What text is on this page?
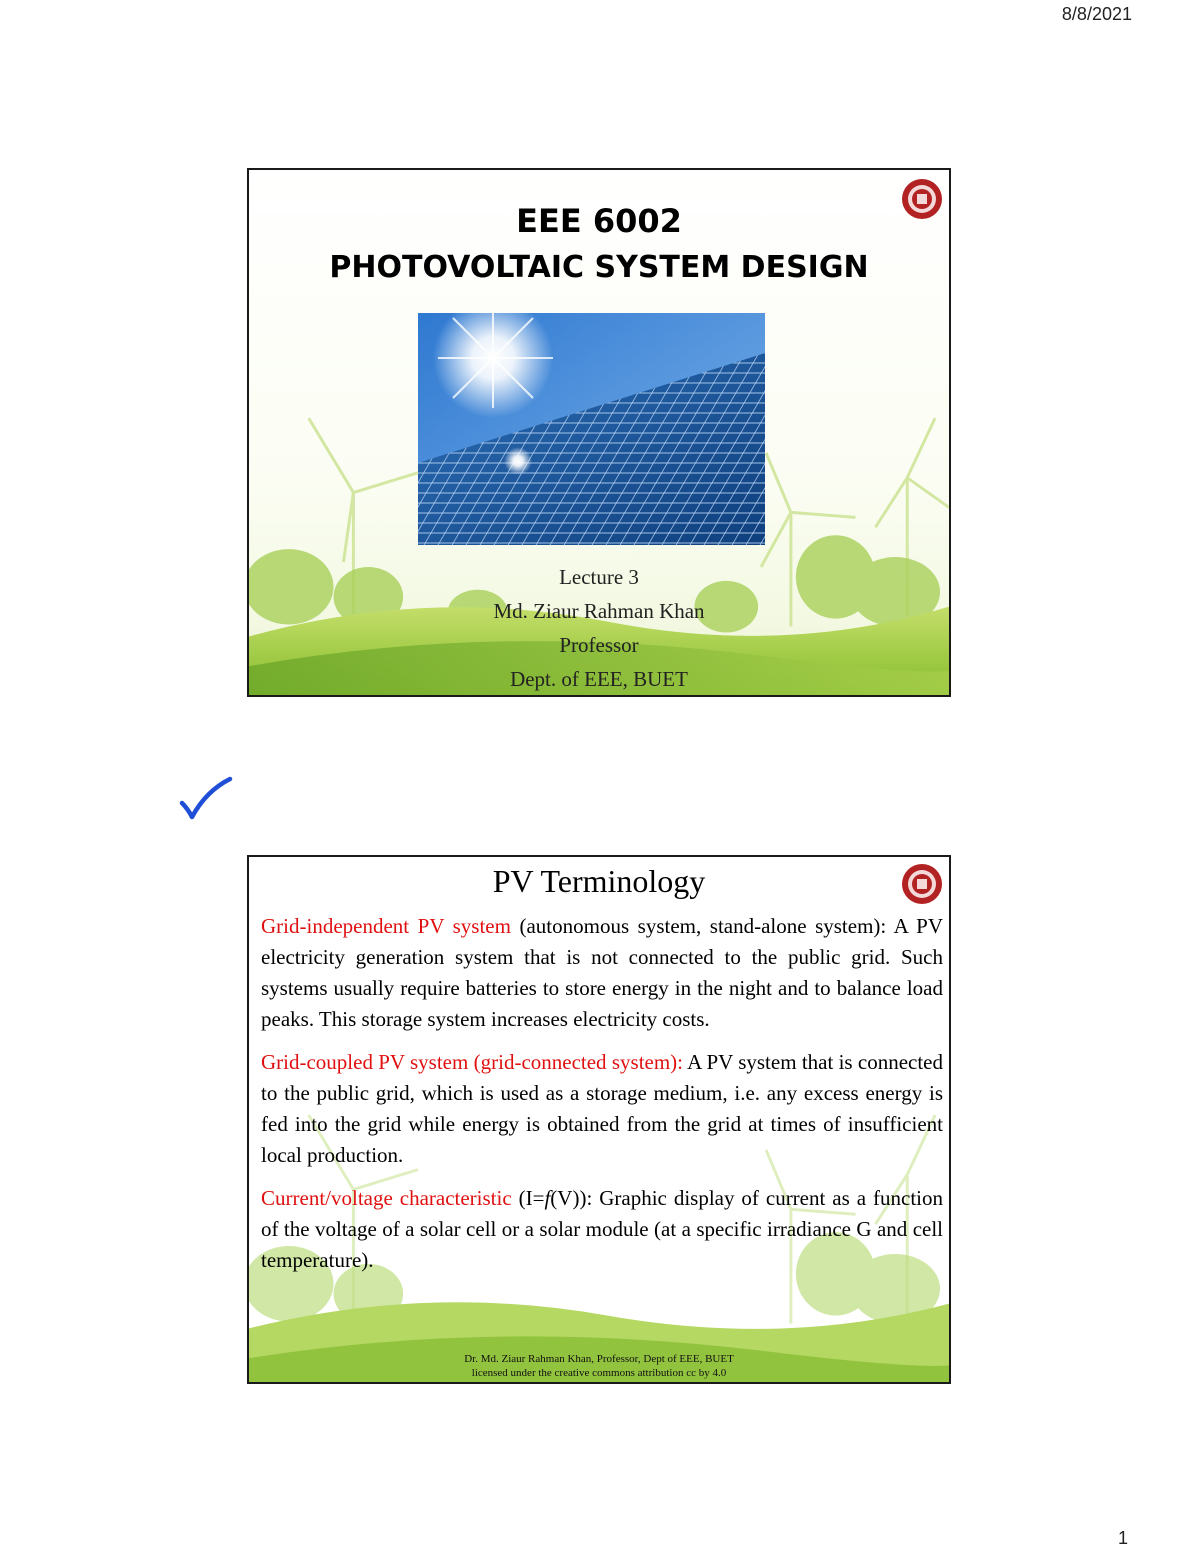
8/8/2021
EEE 6002
PHOTOVOLTAIC SYSTEM DESIGN
Lecture 3
Md. Ziaur Rahman Khan
Professor
Dept. of EEE, BUET
PV Terminology

Grid-independent PV system (autonomous system, stand-alone system): A PV electricity generation system that is not connected to the public grid. Such systems usually require batteries to store energy in the night and to balance load peaks. This storage system increases electricity costs.

Grid-coupled PV system (grid-connected system): A PV system that is connected to the public grid, which is used as a storage medium, i.e. any excess energy is fed into the grid while energy is obtained from the grid at times of insufficient local production.

Current/voltage characteristic (I=f(V)): Graphic display of current as a function of the voltage of a solar cell or a solar module (at a specific irradiance G and cell temperature).

Dr. Md. Ziaur Rahman Khan, Professor, Dept of EEE, BUET
licensed under the creative commons attribution cc by 4.0
1
